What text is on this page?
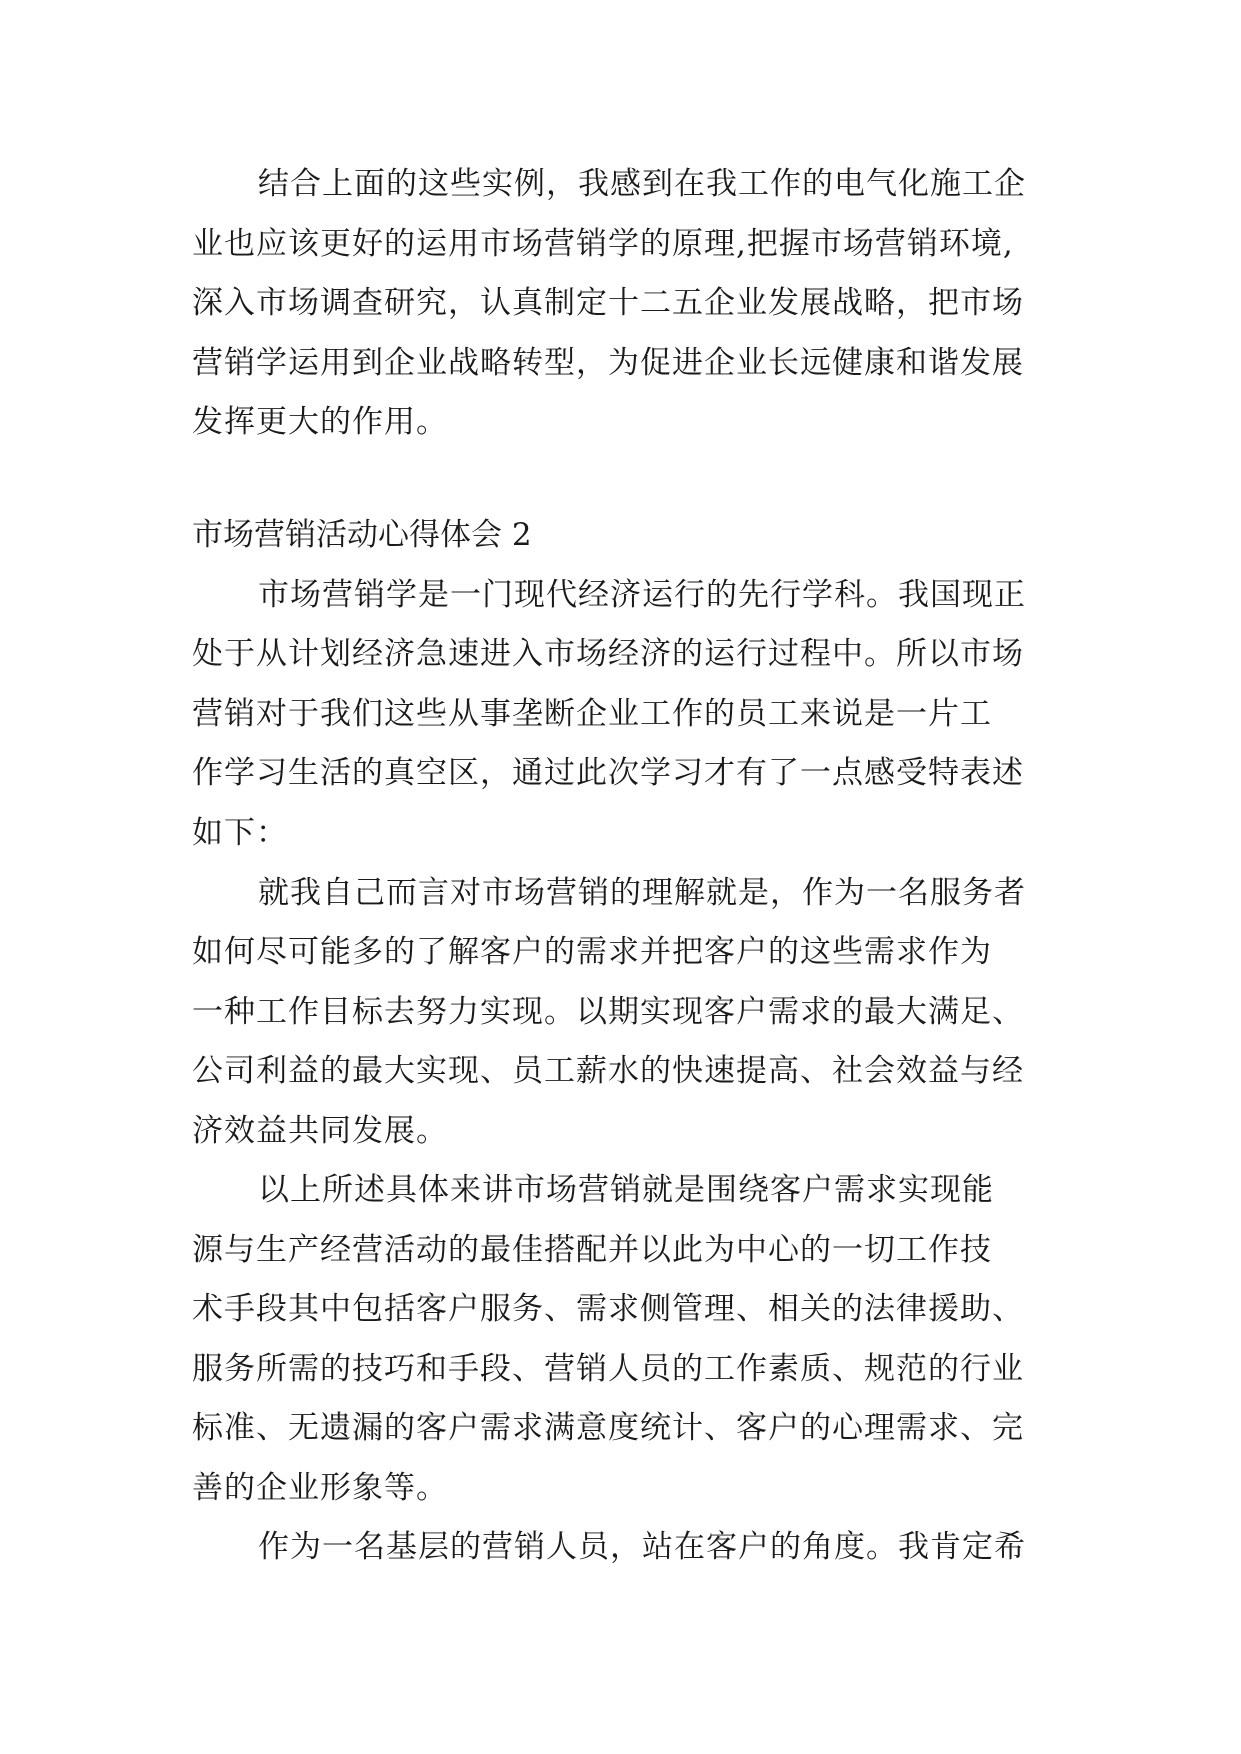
结合上面的这些实例，我感到在我工作的电气化施工企
业也应该更好的运用市场营销学的原理,把握市场营销环境,
深入市场调查研究，认真制定十二五企业发展战略，把市场
营销学运用到企业战略转型，为促进企业长远健康和谐发展
发挥更大的作用。
市场营销活动心得体会 2
市场营销学是一门现代经济运行的先行学科。我国现正
处于从计划经济急速进入市场经济的运行过程中。所以市场
营销对于我们这些从事垄断企业工作的员工来说是一片工
作学习生活的真空区，通过此次学习才有了一点感受特表述
如下：
就我自己而言对市场营销的理解就是，作为一名服务者
如何尽可能多的了解客户的需求并把客户的这些需求作为
一种工作目标去努力实现。以期实现客户需求的最大满足、
公司利益的最大实现、员工薪水的快速提高、社会效益与经
济效益共同发展。
以上所述具体来讲市场营销就是围绕客户需求实现能
源与生产经营活动的最佳搭配并以此为中心的一切工作技
术手段其中包括客户服务、需求侧管理、相关的法律援助、
服务所需的技巧和手段、营销人员的工作素质、规范的行业
标准、无遗漏的客户需求满意度统计、客户的心理需求、完
善的企业形象等。
作为一名基层的营销人员，站在客户的角度。我肯定希
